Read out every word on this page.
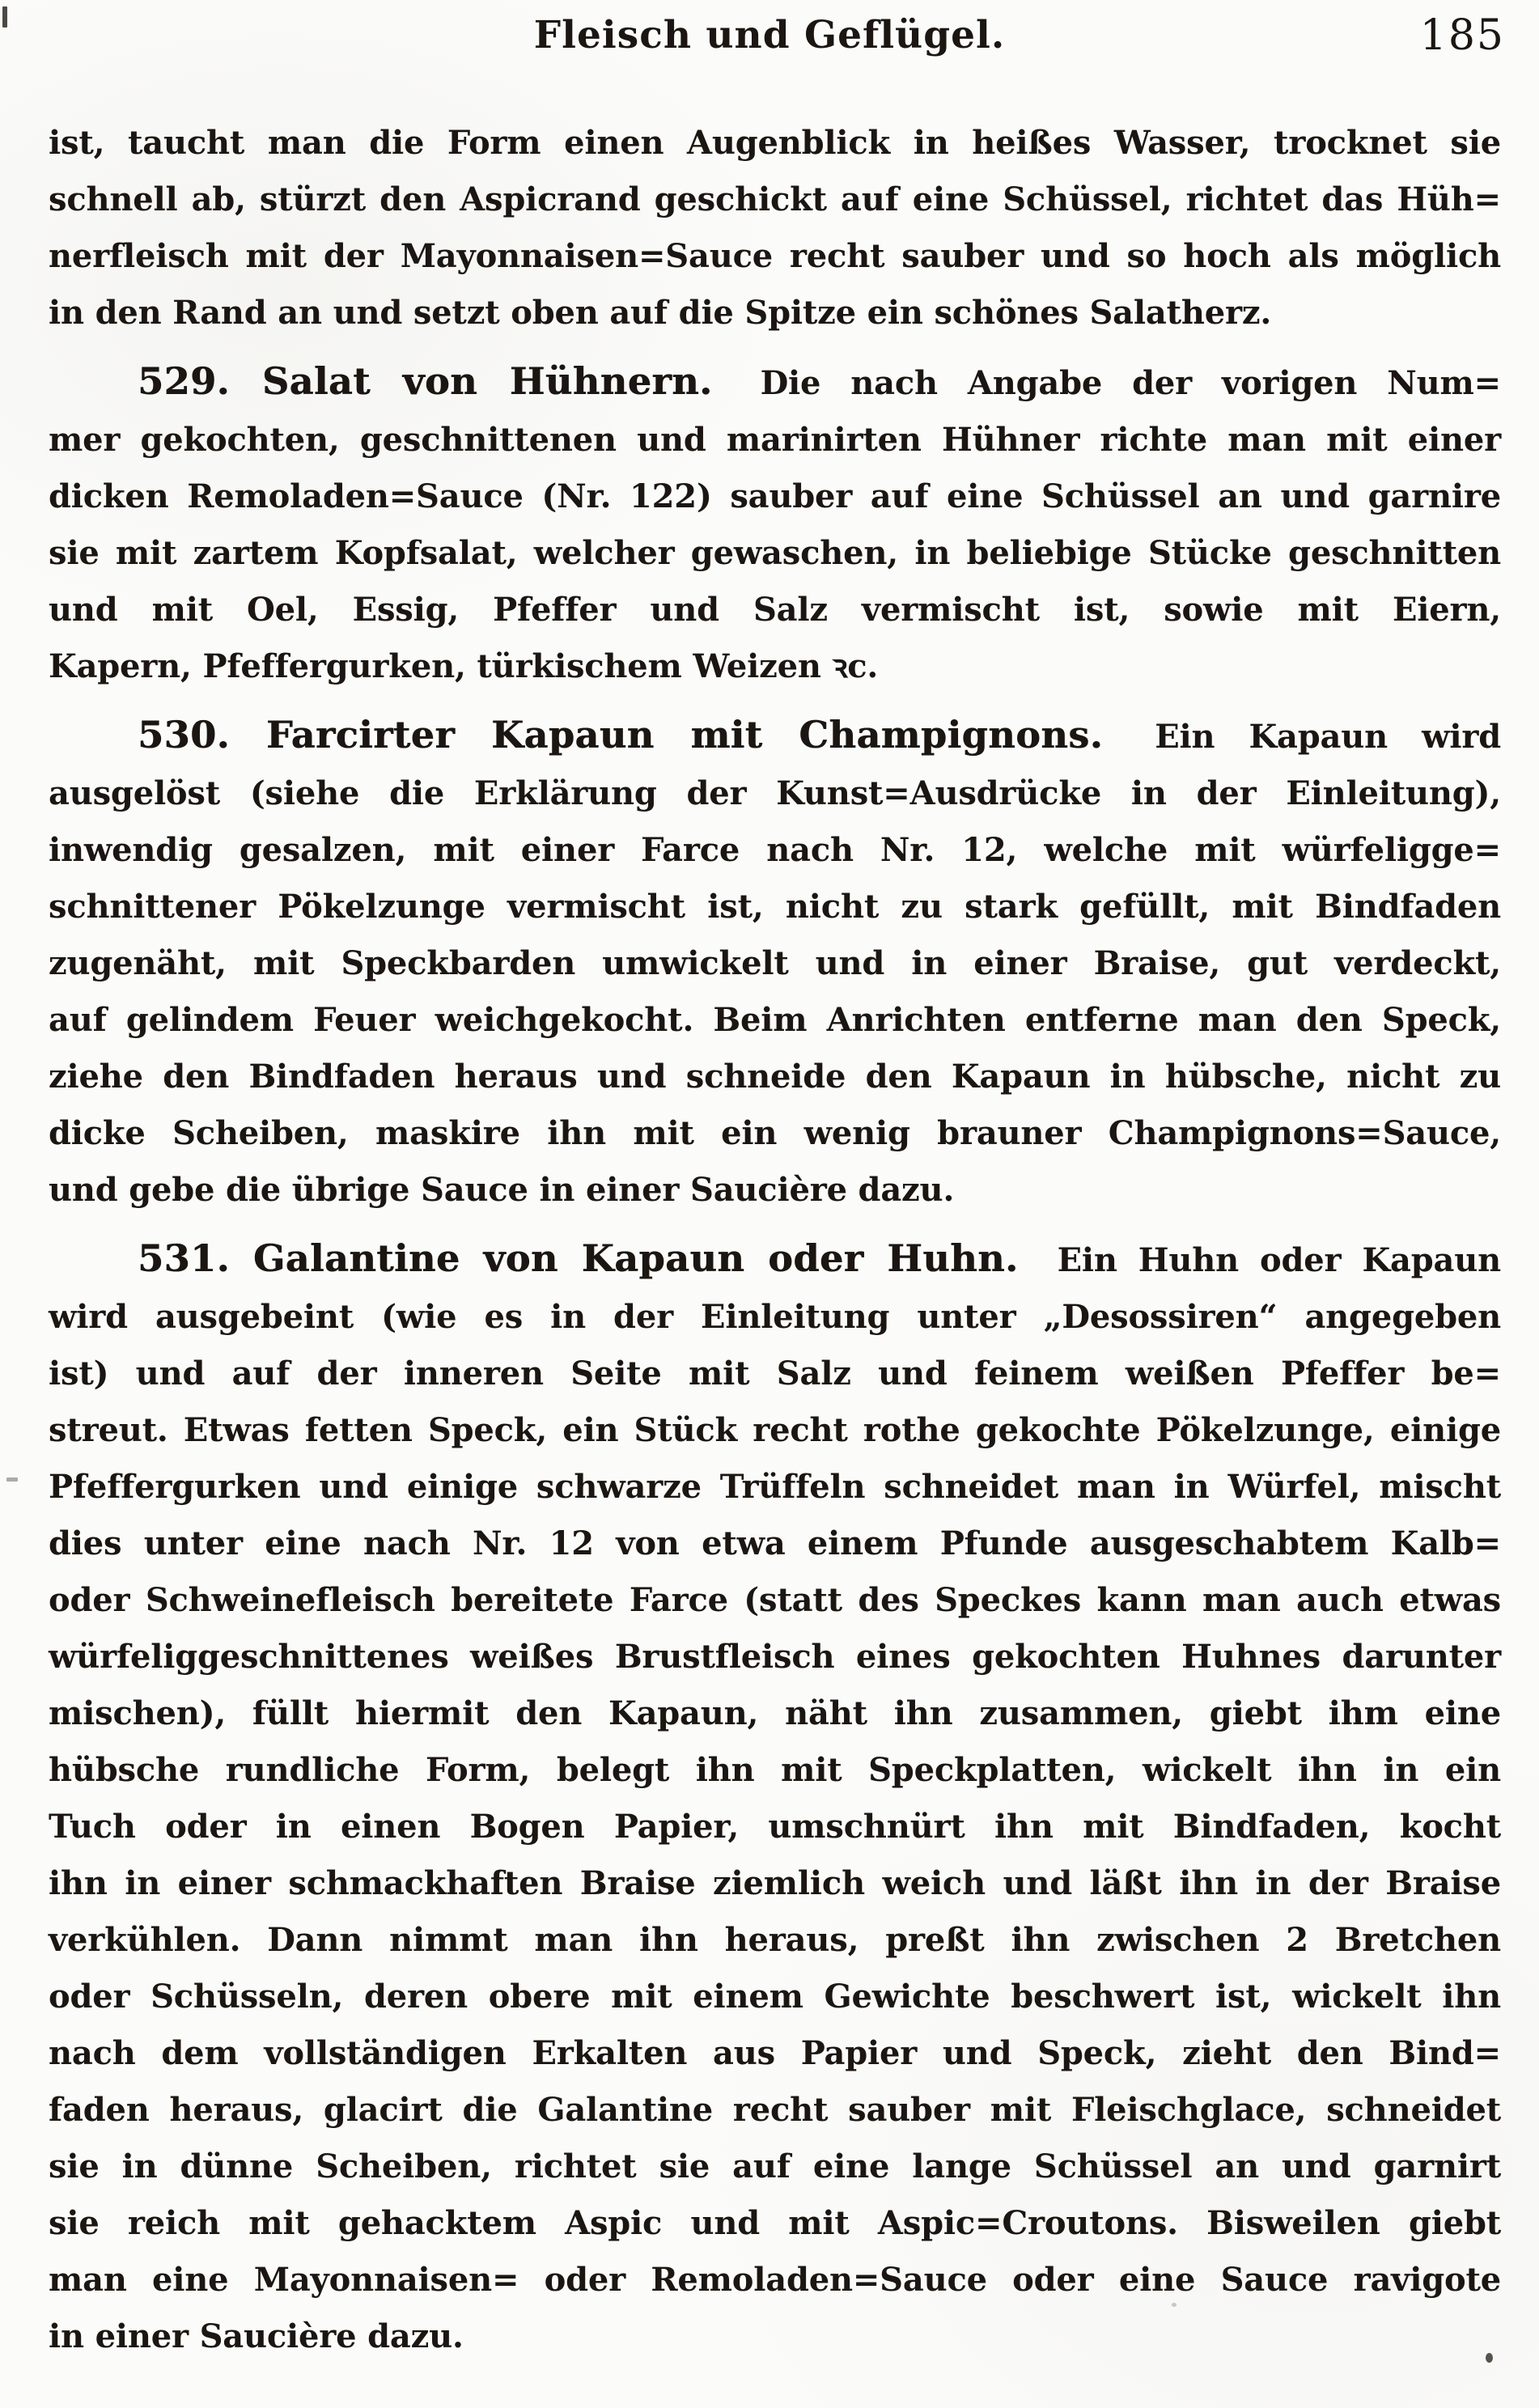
Fleisch und Geflügel.	185
ist, taucht man die Form einen Augenblick in heißes Wasser, trocknet sie
schnell ab, stürzt den Aspicrand geschickt auf eine Schüssel, richtet das Hüh=
nerfleisch mit der Mayonnaisen=Sauce recht sauber und so hoch als möglich
in den Rand an und setzt oben auf die Spitze ein schönes Salatherz.
529. Salat von Hühnern. Die nach Angabe der vorigen Num=
mer gekochten, geschnittenen und marinirten Hühner richte man mit einer
dicken Remoladen=Sauce (Nr. 122) sauber auf eine Schüssel an und garnire
sie mit zartem Kopfsalat, welcher gewaschen, in beliebige Stücke geschnitten
und mit Oel, Essig, Pfeffer und Salz vermischt ist, sowie mit Eiern,
Kapern, Pfeffergurken, türkischem Weizen ꝛc.
530. Farcirter Kapaun mit Champignons. Ein Kapaun wird
ausgelöst (siehe die Erklärung der Kunst=Ausdrücke in der Einleitung),
inwendig gesalzen, mit einer Farce nach Nr. 12, welche mit würfeligge=
schnittener Pökelzunge vermischt ist, nicht zu stark gefüllt, mit Bindfaden
zugenäht, mit Speckbarden umwickelt und in einer Braise, gut verdeckt,
auf gelindem Feuer weichgekocht. Beim Anrichten entferne man den Speck,
ziehe den Bindfaden heraus und schneide den Kapaun in hübsche, nicht zu
dicke Scheiben, maskire ihn mit ein wenig brauner Champignons=Sauce,
und gebe die übrige Sauce in einer Saucière dazu.
531. Galantine von Kapaun oder Huhn. Ein Huhn oder Kapaun
wird ausgebeint (wie es in der Einleitung unter „Desossiren“ angegeben
ist) und auf der inneren Seite mit Salz und feinem weißen Pfeffer be=
streut. Etwas fetten Speck, ein Stück recht rothe gekochte Pökelzunge, einige
Pfeffergurken und einige schwarze Trüffeln schneidet man in Würfel, mischt
dies unter eine nach Nr. 12 von etwa einem Pfunde ausgeschabtem Kalb=
oder Schweinefleisch bereitete Farce (statt des Speckes kann man auch etwas
würfeliggeschnittenes weißes Brustfleisch eines gekochten Huhnes darunter
mischen), füllt hiermit den Kapaun, näht ihn zusammen, giebt ihm eine
hübsche rundliche Form, belegt ihn mit Speckplatten, wickelt ihn in ein
Tuch oder in einen Bogen Papier, umschnürt ihn mit Bindfaden, kocht
ihn in einer schmackhaften Braise ziemlich weich und läßt ihn in der Braise
verkühlen. Dann nimmt man ihn heraus, preßt ihn zwischen 2 Bretchen
oder Schüsseln, deren obere mit einem Gewichte beschwert ist, wickelt ihn
nach dem vollständigen Erkalten aus Papier und Speck, zieht den Bind=
faden heraus, glacirt die Galantine recht sauber mit Fleischglace, schneidet
sie in dünne Scheiben, richtet sie auf eine lange Schüssel an und garnirt
sie reich mit gehacktem Aspic und mit Aspic=Croutons. Bisweilen giebt
man eine Mayonnaisen= oder Remoladen=Sauce oder eine Sauce ravigote
in einer Saucière dazu.
